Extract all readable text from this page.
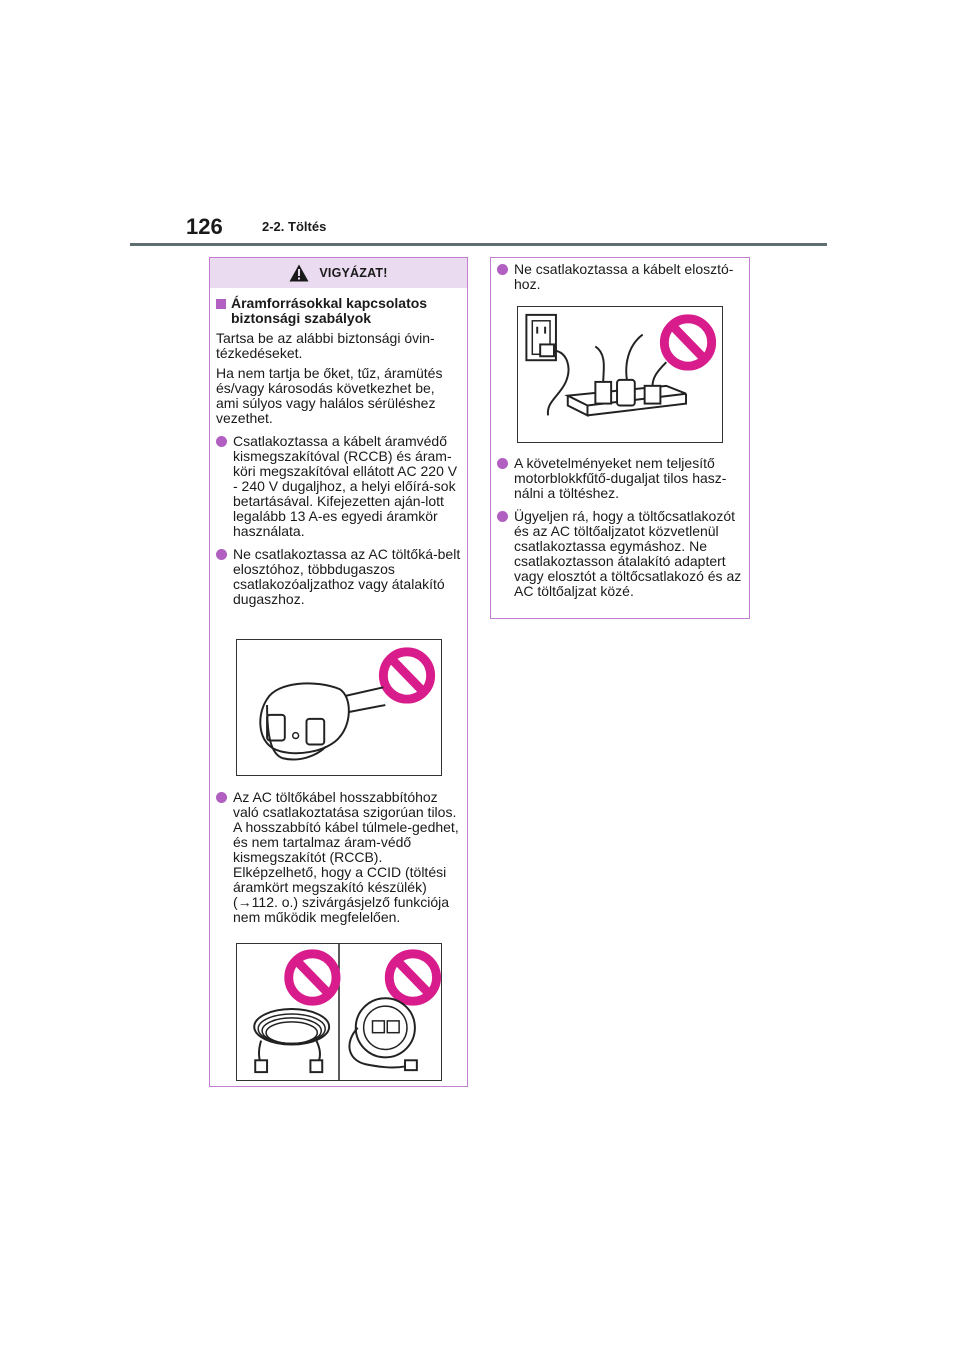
126	2-2. Töltés
VIGYÁZAT!
Áramforrásokkal kapcsolatos biztonsági szabályok
Tartsa be az alábbi biztonsági óvin-tézkedéseket.
Ha nem tartja be őket, tűz, áramütés és/vagy károsodás következhet be, ami súlyos vagy halálos sérüléshez vezethet.
Csatlakoztassa a kábelt áramvédő kismegszakítóval (RCCB) és áram-köri megszakítóval ellátott AC 220 V - 240 V dugaljhoz, a helyi előírá-sok betartásával. Kifejezetten aján-lott legalább 13 A-es egyedi áramkör használata.
Ne csatlakoztassa az AC töltőká-belt elosztóhoz, többdugaszos csatlakozóaljzathoz vagy átalakító dugaszhoz.
Az AC töltőkábel hosszabbítóhoz való csatlakoztatása szigorúan tilos. A hosszabbító kábel túlmele-gedhet, és nem tartalmaz áram-védő kismegszakítót (RCCB). Elképzelhető, hogy a CCID (töltési áramkört megszakító készülék) (→112. o.) szivárgásjelző funkciója nem működik megfelelően.
Ne csatlakoztassa a kábelt elosztó-hoz.
A követelményeket nem teljesítő motorblokkfűtő-dugaljat tilos hasz-nálni a töltéshez.
Ügyeljen rá, hogy a töltőcsatlakozót és az AC töltőaljzatot közvetlenül csatlakoztassa egymáshoz. Ne csatlakoztasson átalakító adaptert vagy elosztót a töltőcsatlakozó és az AC töltőaljzat közé.
